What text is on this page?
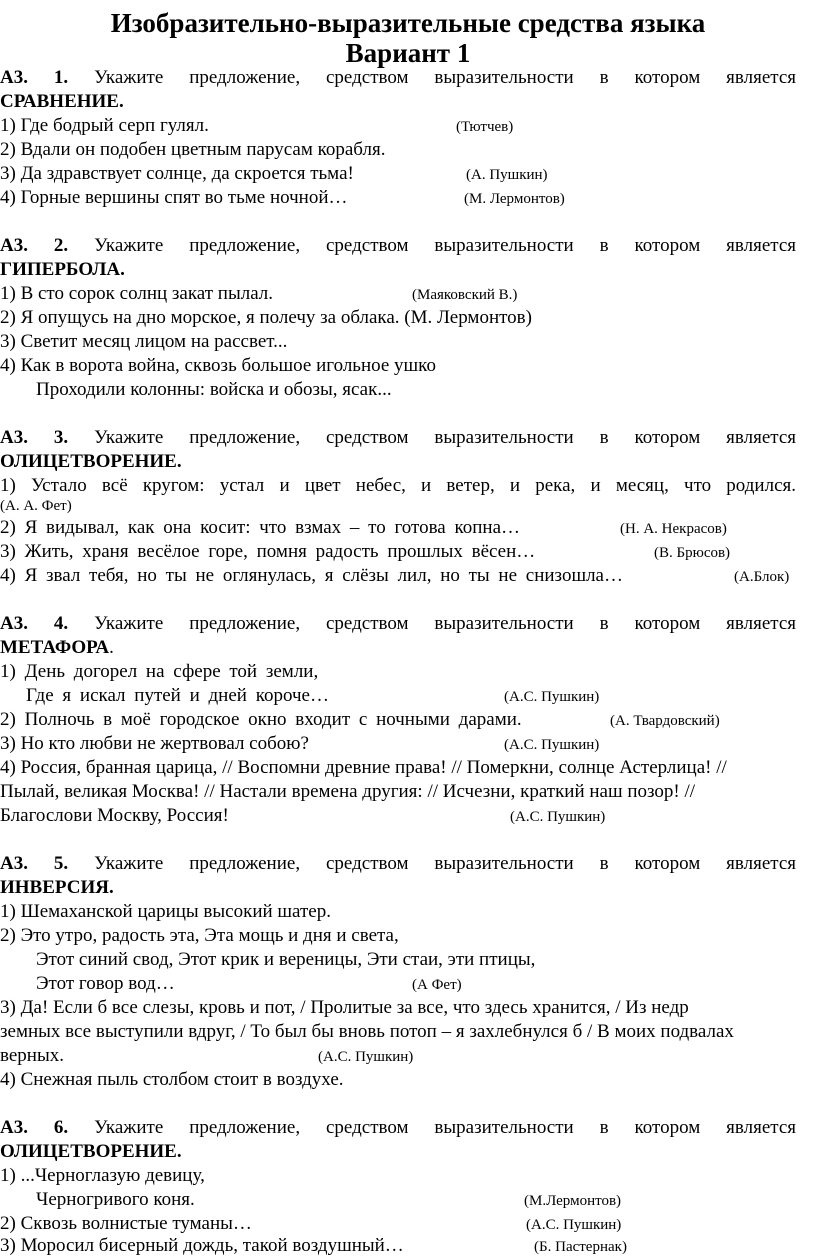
Изобразительно-выразительные средства языка
Вариант 1
А3. 1. Укажите предложение, средством выразительности в котором является
СРАВНЕНИЕ.
1) Где бодрый серп гулял.	(Тютчев)
2) Вдали он подобен цветным парусам корабля.
3) Да здравствует солнце, да скроется тьма!	(А. Пушкин)
4) Горные вершины спят во тьме ночной…	(М. Лермонтов)
А3. 2. Укажите предложение, средством выразительности в котором является
ГИПЕРБОЛА.
1) В сто сорок солнц закат пылал.	(Маяковский В.)
2) Я опущусь на дно морское, я полечу за облака. (М. Лермонтов)
3) Светит месяц лицом на рассвет...
4) Как в ворота война, сквозь большое игольное ушко
Проходили колонны: войска и обозы, ясак...
А3. 3. Укажите предложение, средством выразительности в котором является
ОЛИЦЕТВОРЕНИЕ.
1) Устало всё кругом: устал и цвет небес, и ветер, и река, и месяц, что родился.
(А. А. Фет)
2) Я видывал, как она косит: что взмах – то готова копна…	(Н. А. Некрасов)
3) Жить, храня весёлое горе, помня радость прошлых вёсен…	(В. Брюсов)
4) Я звал тебя, но ты не оглянулась, я слёзы лил, но ты не снизошла…	(А.Блок)
А3. 4. Укажите предложение, средством выразительности в котором является
МЕТАФОРА.
1) День догорел на сфере той земли,
Где я искал путей и дней короче…	(А.С. Пушкин)
2) Полночь в моё городское окно входит с ночными дарами.	(А. Твардовский)
3) Но кто любви не жертвовал собою?	(А.С. Пушкин)
4) Россия, бранная царица, // Воспомни древние права! // Померкни, солнце Астерлица! //
Пылай, великая Москва! // Настали времена другия: // Исчезни, краткий наш позор! //
Благослови Москву, Россия!	(А.С. Пушкин)
А3. 5. Укажите предложение, средством выразительности в котором является
ИНВЕРСИЯ.
1) Шемаханской царицы высокий шатер.
2) Это утро, радость эта, Эта мощь и дня и света,
Этот синий свод, Этот крик и вереницы, Эти стаи, эти птицы,
Этот говор вод…	(А Фет)
3) Да! Если б все слезы, кровь и пот, / Пролитые за все, что здесь хранится, / Из недр
земных все выступили вдруг, / То был бы вновь потоп – я захлебнулся б / В моих подвалах
верных.	(А.С. Пушкин)
4) Снежная пыль столбом стоит в воздухе.
А3. 6. Укажите предложение, средством выразительности в котором является
ОЛИЦЕТВОРЕНИЕ.
1) ...Черноглазую девицу,
Черногривого коня.	(М.Лермонтов)
2) Сквозь волнистые туманы…	(А.С. Пушкин)
3) Моросил бисерный дождь, такой воздушный…	(Б. Пастернак)
